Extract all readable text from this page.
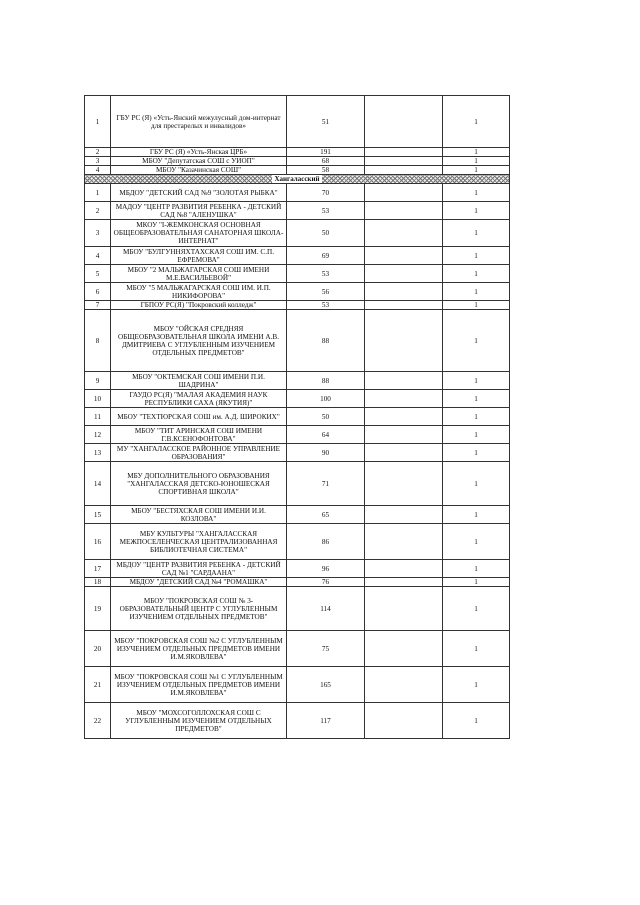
1	ГБУ РС (Я) «Усть-Янский межулусный дом-интернат для престарелых и инвалидов»	51		1
2	ГБУ РС (Я) «Усть-Янская ЦРБ»	191		1
3	МБОУ "Депутатская СОШ с УИОП"	68		1
4	МБОУ "Казачинская СОШ"	58		1
Хангаласский				
1	МБДОУ "ДЕТСКИЙ САД №9 "ЗОЛОТАЯ РЫБКА"	70		1
2	МАДОУ "ЦЕНТР РАЗВИТИЯ РЕБЕНКА - ДЕТСКИЙ САД №8 "АЛЕНУШКА"	53		1
3	МКОУ "I-ЖЕМКОНСКАЯ ОСНОВНАЯ ОБЩЕОБРАЗОВАТЕЛЬНАЯ САНАТОРНАЯ ШКОЛА-ИНТЕРНАТ"	50		1
4	МБОУ "БУЛГУННЯХТАХСКАЯ СОШ ИМ. С.П. ЕФРЕМОВА"	69		1
5	МБОУ "2 МАЛЬЖАГАРСКАЯ СОШ ИМЕНИ М.Е.ВАСИЛЬЕВОЙ"	53		1
6	МБОУ "5 МАЛЬЖАГАРСКАЯ СОШ ИМ. И.П. НИКИФОРОВА"	56		1
7	ГБПОУ РС(Я) "Покровский колледж"	53		1
8	МБОУ "ОЙСКАЯ СРЕДНЯЯ ОБЩЕОБРАЗОВАТЕЛЬНАЯ ШКОЛА ИМЕНИ А.В. ДМИТРИЕВА С УГЛУБЛЕННЫМ ИЗУЧЕНИЕМ ОТДЕЛЬНЫХ ПРЕДМЕТОВ"	88		1
9	МБОУ "ОКТЕМСКАЯ СОШ ИМЕНИ П.И. ШАДРИНА"	88		1
10	ГАУДО РС(Я) "МАЛАЯ АКАДЕМИЯ НАУК РЕСПУБЛИКИ САХА (ЯКУТИЯ)"	100		1
11	МБОУ "ТЕХТЮРСКАЯ СОШ им. А.Д. ШИРОКИХ"	50		1
12	МБОУ "ТИТ АРИНСКАЯ СОШ ИМЕНИ Г.В.КСЕНОФОНТОВА"	64		1
13	МУ "ХАНГАЛАССКОЕ РАЙОННОЕ УПРАВЛЕНИЕ ОБРАЗОВАНИЯ"	90		1
14	МБУ ДОПОЛНИТЕЛЬНОГО ОБРАЗОВАНИЯ "ХАНГАЛАССКАЯ ДЕТСКО-ЮНОШЕСКАЯ СПОРТИВНАЯ ШКОЛА"	71		1
15	МБОУ "БЕСТЯХСКАЯ СОШ ИМЕНИ И.И. КОЗЛОВА"	65		1
16	МБУ КУЛЬТУРЫ "ХАНГАЛАССКАЯ МЕЖПОСЕЛЕНЧЕСКАЯ ЦЕНТРАЛИЗОВАННАЯ БИБЛИОТЕЧНАЯ СИСТЕМА"	86		1
17	МБДОУ "ЦЕНТР РАЗВИТИЯ РЕБЕНКА - ДЕТСКИЙ САД №1 "САРДААНА"	96		1
18	МБДОУ "ДЕТСКИЙ САД №4 "РОМАШКА"	76		1
19	МБОУ "ПОКРОВСКАЯ СОШ № 3- ОБРАЗОВАТЕЛЬНЫЙ ЦЕНТР С УГЛУБЛЕННЫМ ИЗУЧЕНИЕМ ОТДЕЛЬНЫХ ПРЕДМЕТОВ"	114		1
20	МБОУ "ПОКРОВСКАЯ СОШ №2 С УГЛУБЛЕННЫМ ИЗУЧЕНИЕМ ОТДЕЛЬНЫХ ПРЕДМЕТОВ ИМЕНИ И.М.ЯКОВЛЕВА"	75		1
21	МБОУ "ПОКРОВСКАЯ СОШ №1 С УГЛУБЛЕННЫМ ИЗУЧЕНИЕМ ОТДЕЛЬНЫХ ПРЕДМЕТОВ ИМЕНИ И.М.ЯКОВЛЕВА"	165		1
22	МБОУ "МОХСОГОЛЛОХСКАЯ СОШ С УГЛУБЛЕННЫМ ИЗУЧЕНИЕМ ОТДЕЛЬНЫХ ПРЕДМЕТОВ"	117		1
